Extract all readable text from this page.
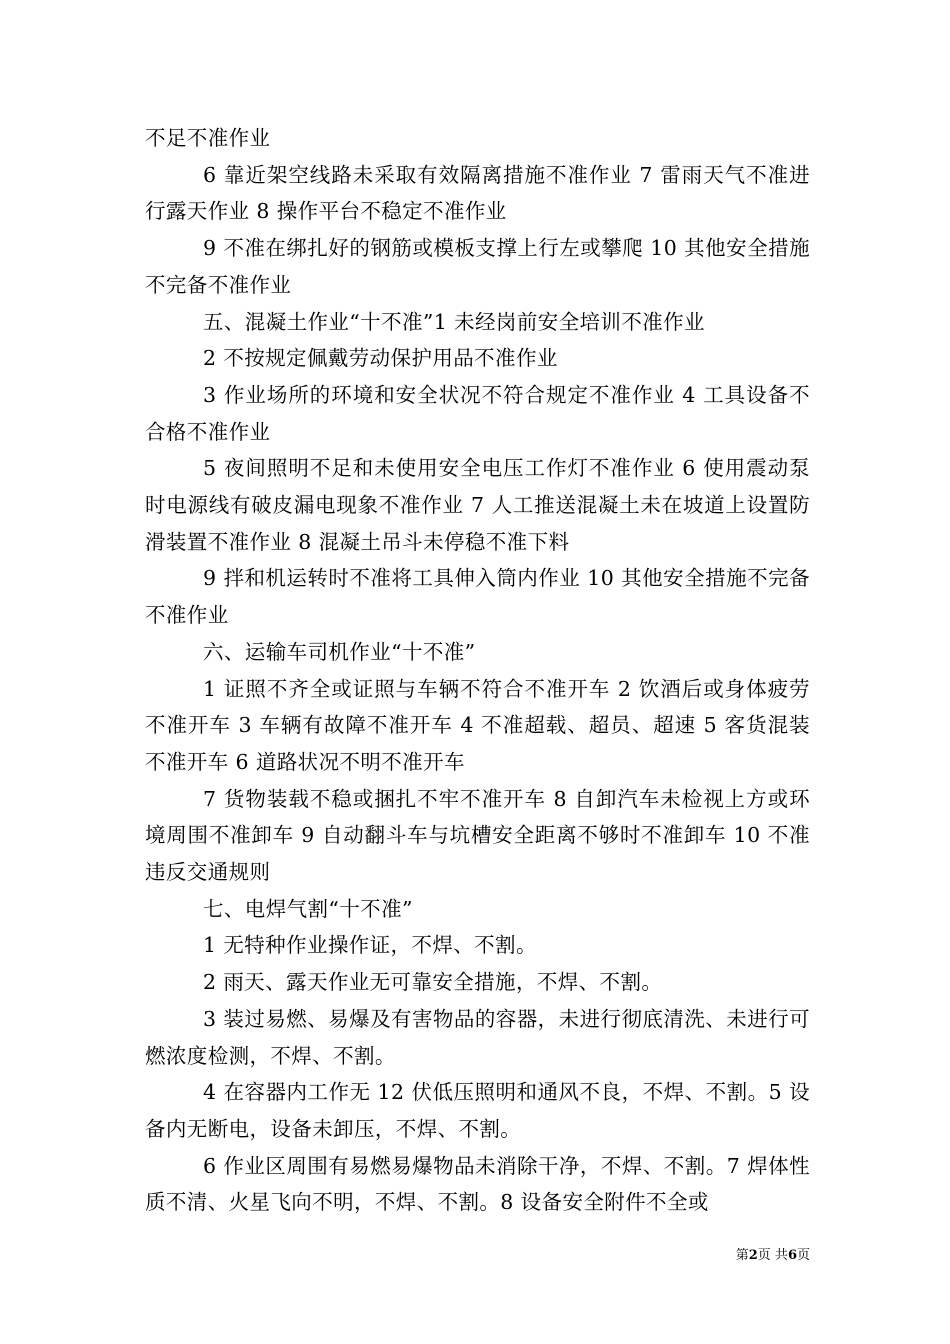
不足不准作业

6 靠近架空线路未采取有效隔离措施不准作业 7 雷雨天气不准进行露天作业 8 操作平台不稳定不准作业

9 不准在绑扎好的钢筋或模板支撑上行左或攀爬 10 其他安全措施不完备不准作业

五、混凝土作业“十不准”1 未经岗前安全培训不准作业

2 不按规定佩戴劳动保护用品不准作业

3 作业场所的环境和安全状况不符合规定不准作业 4 工具设备不合格不准作业

5 夜间照明不足和未使用安全电压工作灯不准作业 6 使用震动泵时电源线有破皮漏电现象不准作业 7 人工推送混凝土未在坡道上设置防滑装置不准作业 8 混凝土吊斗未停稳不准下料

9 拌和机运转时不准将工具伸入筒内作业 10 其他安全措施不完备不准作业

六、运输车司机作业“十不准”

1 证照不齐全或证照与车辆不符合不准开车 2 饮酒后或身体疲劳不准开车 3 车辆有故障不准开车 4 不准超载、超员、超速 5 客货混装不准开车 6 道路状况不明不准开车

7 货物装载不稳或捆扎不牢不准开车 8 自卸汽车未检视上方或环境周围不准卸车 9 自动翻斗车与坑槽安全距离不够时不准卸车 10 不准违反交通规则

七、电焊气割“十不准”

1 无特种作业操作证，不焊、不割。

2 雨天、露天作业无可靠安全措施，不焊、不割。

3 装过易燃、易爆及有害物品的容器，未进行彻底清洗、未进行可燃浓度检测，不焊、不割。

4 在容器内工作无 12 伏低压照明和通风不良，不焊、不割。5 设备内无断电，设备未卸压，不焊、不割。

6 作业区周围有易燃易爆物品未消除干净，不焊、不割。7 焊体性质不清、火星飞向不明，不焊、不割。8 设备安全附件不全或

第2页 共6页
